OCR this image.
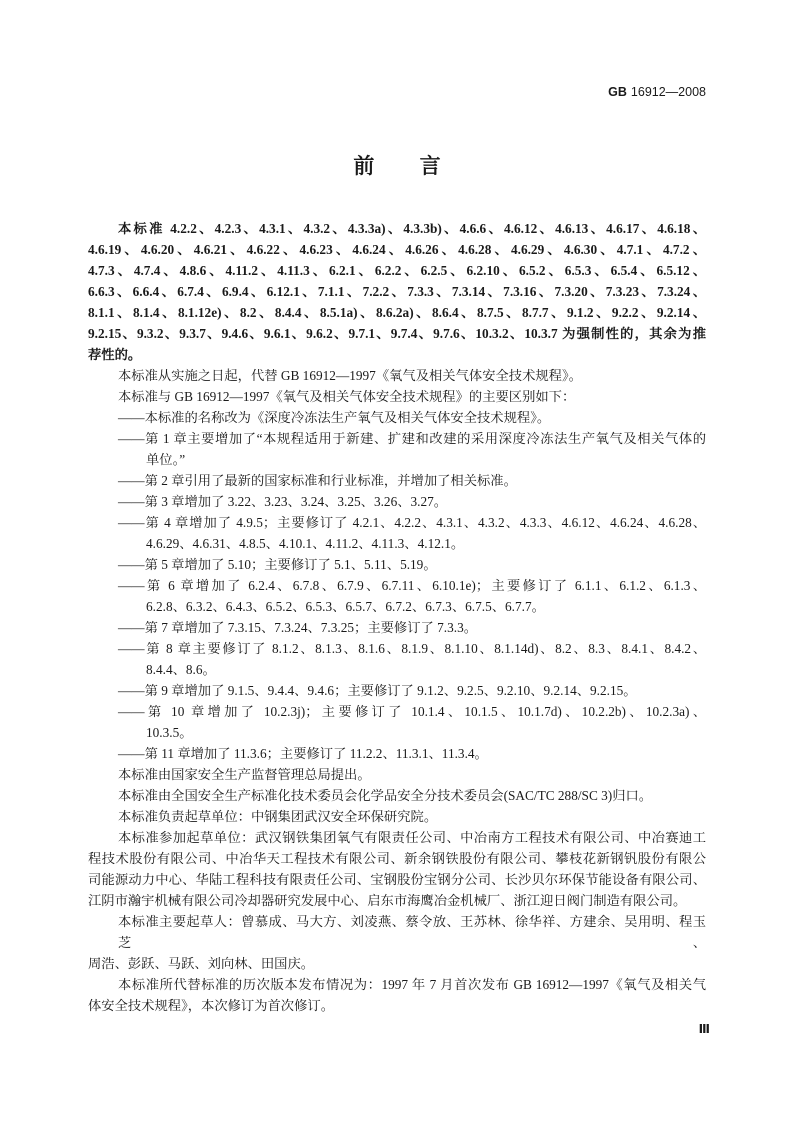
GB 16912—2008
前 言
本标准 4.2.2、4.2.3、4.3.1、4.3.2、4.3.3a)、4.3.3b)、4.6.6、4.6.12、4.6.13、4.6.17、4.6.18、
4.6.19、4.6.20、4.6.21、4.6.22、4.6.23、4.6.24、4.6.26、4.6.28、4.6.29、4.6.30、4.7.1、4.7.2、
4.7.3、4.7.4、4.8.6、4.11.2、4.11.3、6.2.1、6.2.2、6.2.5、6.2.10、6.5.2、6.5.3、6.5.4、6.5.12、
6.6.3、6.6.4、6.7.4、6.9.4、6.12.1、7.1.1、7.2.2、7.3.3、7.3.14、7.3.16、7.3.20、7.3.23、7.3.24、
8.1.1、8.1.4、8.1.12e)、8.2、8.4.4、8.5.1a)、8.6.2a)、8.6.4、8.7.5、8.7.7、9.1.2、9.2.2、9.2.14、
9.2.15、9.3.2、9.3.7、9.4.6、9.6.1、9.6.2、9.7.1、9.7.4、9.7.6、10.3.2、10.3.7 为强制性的，其余为推
荐性的。
本标准从实施之日起，代替 GB 16912—1997《氧气及相关气体安全技术规程》。
本标准与 GB 16912—1997《氧气及相关气体安全技术规程》的主要区别如下：
——本标准的名称改为《深度冷冻法生产氧气及相关气体安全技术规程》。
——第 1 章主要增加了“本规程适用于新建、扩建和改建的采用深度冷冻法生产氧气及相关气体的
单位。”
——第 2 章引用了最新的国家标准和行业标准，并增加了相关标准。
——第 3 章增加了 3.22、3.23、3.24、3.25、3.26、3.27。
——第 4 章增加了 4.9.5；主要修订了 4.2.1、4.2.2、4.3.1、4.3.2、4.3.3、4.6.12、4.6.24、4.6.28、
4.6.29、4.6.31、4.8.5、4.10.1、4.11.2、4.11.3、4.12.1。
——第 5 章增加了 5.10；主要修订了 5.1、5.11、5.19。
——第 6 章增加了 6.2.4、6.7.8、6.7.9、6.7.11、6.10.1e)；主要修订了 6.1.1、6.1.2、6.1.3、
6.2.8、6.3.2、6.4.3、6.5.2、6.5.3、6.5.7、6.7.2、6.7.3、6.7.5、6.7.7。
——第 7 章增加了 7.3.15、7.3.24、7.3.25；主要修订了 7.3.3。
——第 8 章主要修订了 8.1.2、8.1.3、8.1.6、8.1.9、8.1.10、8.1.14d)、8.2、8.3、8.4.1、8.4.2、
8.4.4、8.6。
——第 9 章增加了 9.1.5、9.4.4、9.4.6；主要修订了 9.1.2、9.2.5、9.2.10、9.2.14、9.2.15。
——第 10 章增加了 10.2.3j)；主要修订了 10.1.4、10.1.5、10.1.7d)、10.2.2b)、10.2.3a)、
10.3.5。
——第 11 章增加了 11.3.6；主要修订了 11.2.2、11.3.1、11.3.4。
本标准由国家安全生产监督管理总局提出。
本标准由全国安全生产标准化技术委员会化学品安全分技术委员会(SAC/TC 288/SC 3)归口。
本标准负责起草单位：中钢集团武汉安全环保研究院。
本标准参加起草单位：武汉钢铁集团氧气有限责任公司、中冶南方工程技术有限公司、中冶赛迪工
程技术股份有限公司、中冶华天工程技术有限公司、新余钢铁股份有限公司、攀枝花新钢钒股份有限公
司能源动力中心、华陆工程科技有限责任公司、宝钢股份宝钢分公司、长沙贝尔环保节能设备有限公司、
江阴市瀚宇机械有限公司冷却器研究发展中心、启东市海鹰冶金机械厂、浙江迎日阀门制造有限公司。
本标准主要起草人：曾慕成、马大方、刘凌燕、蔡令放、王苏林、徐华祥、方建余、吴用明、程玉芝、
周浩、彭跃、马跃、刘向林、田国庆。
本标准所代替标准的历次版本发布情况为：1997 年 7 月首次发布 GB 16912—1997《氧气及相关气
体安全技术规程》，本次修订为首次修订。
Ⅲ
